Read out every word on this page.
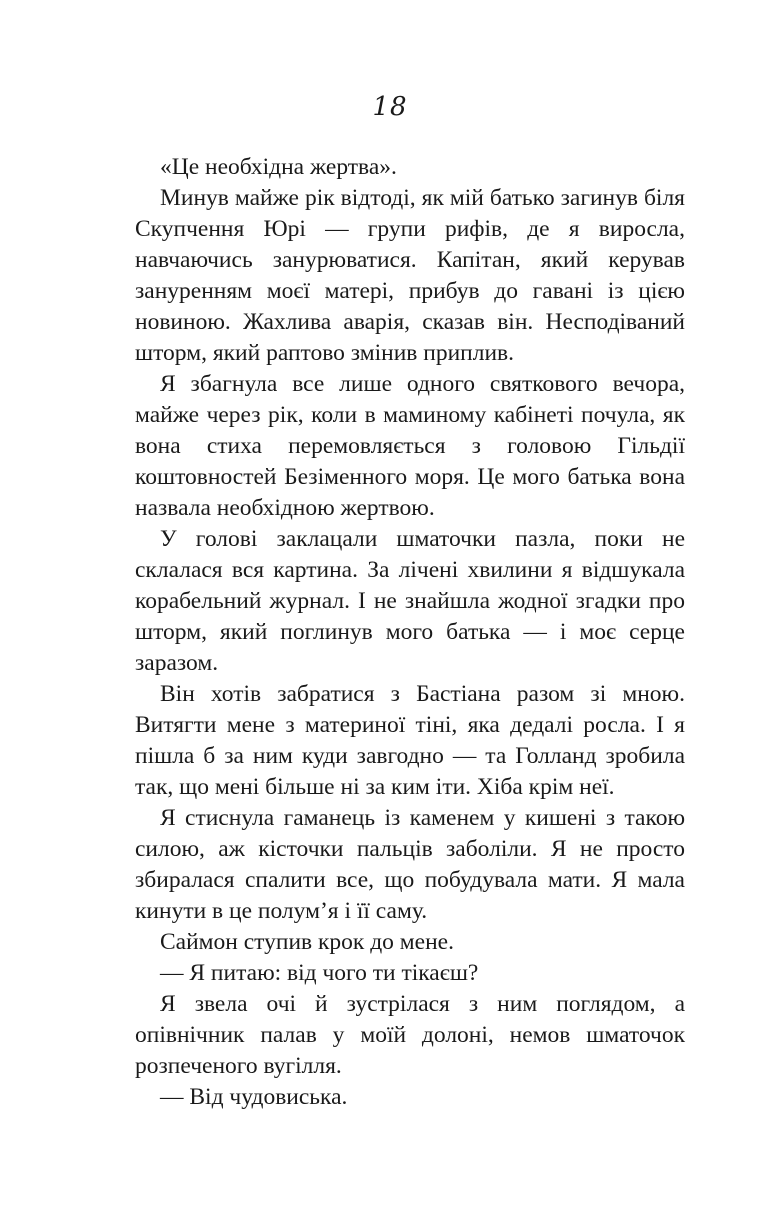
18

«Це необхідна жертва».

Минув майже рік відтоді, як мій батько загинув біля Скупчення Юрі — групи рифів, де я виросла, навчаючись занурюватися. Капітан, який керував зануренням моєї матері, прибув до гавані із цією новиною. Жахлива аварія, сказав він. Несподіваний шторм, який раптово змінив приплив.

Я збагнула все лише одного святкового вечора, майже через рік, коли в маминому кабінеті почула, як вона стиха перемовляється з головою Гільдії коштовностей Безіменного моря. Це мого батька вона назвала необхідною жертвою.

У голові заклацали шматочки пазла, поки не склалася вся картина. За лічені хвилини я відшукала корабельний журнал. І не знайшла жодної згадки про шторм, який поглинув мого батька — і моє серце заразом.

Він хотів забратися з Бастіана разом зі мною. Витягти мене з материної тіні, яка дедалі росла. І я пішла б за ним куди завгодно — та Голланд зробила так, що мені більше ні за ким іти. Хіба крім неї.

Я стиснула гаманець із каменем у кишені з такою силою, аж кісточки пальців заболіли. Я не просто збиралася спалити все, що побудувала мати. Я мала кинути в це полум’я і її саму.

Саймон ступив крок до мене.

— Я питаю: від чого ти тікаєш?

Я звела очі й зустрілася з ним поглядом, а опівнічник палав у моїй долоні, немов шматочок розпеченого вугілля.

— Від чудовиська.
